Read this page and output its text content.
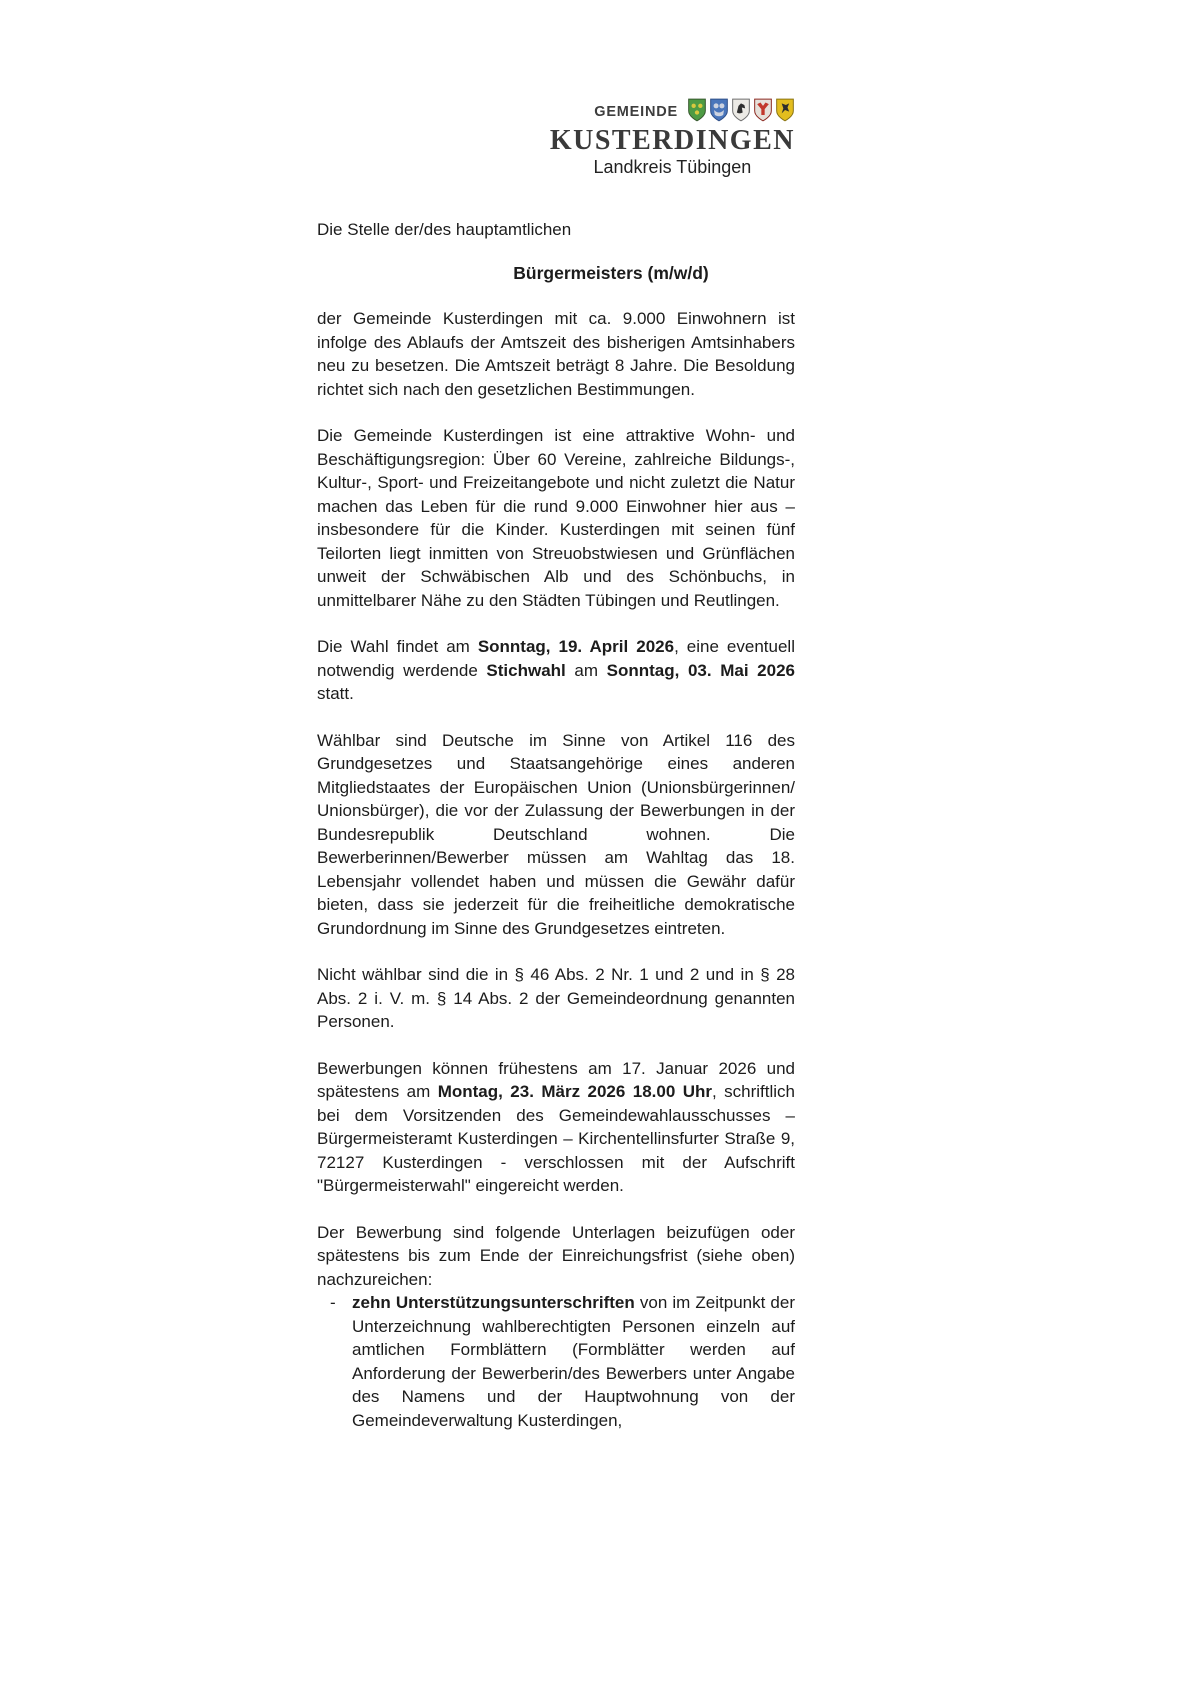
GEMEINDE
KUSTERDINGEN
Landkreis Tübingen

Die Stelle der/des hauptamtlichen

Bürgermeisters (m/w/d)

der Gemeinde Kusterdingen mit ca. 9.000 Einwohnern ist infolge des Ablaufs der Amtszeit des bisherigen Amtsinhabers neu zu besetzen. Die Amtszeit beträgt 8 Jahre. Die Besoldung richtet sich nach den gesetzlichen Bestimmungen.

Die Gemeinde Kusterdingen ist eine attraktive Wohn- und Beschäftigungsregion: Über 60 Vereine, zahlreiche Bildungs-, Kultur-, Sport- und Freizeitangebote und nicht zuletzt die Natur machen das Leben für die rund 9.000 Einwohner hier aus – insbesondere für die Kinder. Kusterdingen mit seinen fünf Teilorten liegt inmitten von Streuobstwiesen und Grünflächen unweit der Schwäbischen Alb und des Schönbuchs, in unmittelbarer Nähe zu den Städten Tübingen und Reutlingen.

Die Wahl findet am Sonntag, 19. April 2026, eine eventuell notwendig werdende Stichwahl am Sonntag, 03. Mai 2026 statt.

Wählbar sind Deutsche im Sinne von Artikel 116 des Grundgesetzes und Staatsangehörige eines anderen Mitgliedstaates der Europäischen Union (Unionsbürgerinnen/ Unionsbürger), die vor der Zulassung der Bewerbungen in der Bundesrepublik Deutschland wohnen. Die Bewerberinnen/Bewerber müssen am Wahltag das 18. Lebensjahr vollendet haben und müssen die Gewähr dafür bieten, dass sie jederzeit für die freiheitliche demokratische Grundordnung im Sinne des Grundgesetzes eintreten.

Nicht wählbar sind die in § 46 Abs. 2 Nr. 1 und 2 und in § 28 Abs. 2 i. V. m. § 14 Abs. 2 der Gemeindeordnung genannten Personen.

Bewerbungen können frühestens am 17. Januar 2026 und spätestens am Montag, 23. März 2026 18.00 Uhr, schriftlich bei dem Vorsitzenden des Gemeindewahlausschusses – Bürgermeisteramt Kusterdingen – Kirchentellinsfurter Straße 9, 72127 Kusterdingen - verschlossen mit der Aufschrift "Bürgermeisterwahl" eingereicht werden.

Der Bewerbung sind folgende Unterlagen beizufügen oder spätestens bis zum Ende der Einreichungsfrist (siehe oben) nachzureichen:

- zehn Unterstützungsunterschriften von im Zeitpunkt der Unterzeichnung wahlberechtigten Personen einzeln auf amtlichen Formblättern (Formblätter werden auf Anforderung der Bewerberin/des Bewerbers unter Angabe des Namens und der Hauptwohnung von der Gemeindeverwaltung Kusterdingen,
